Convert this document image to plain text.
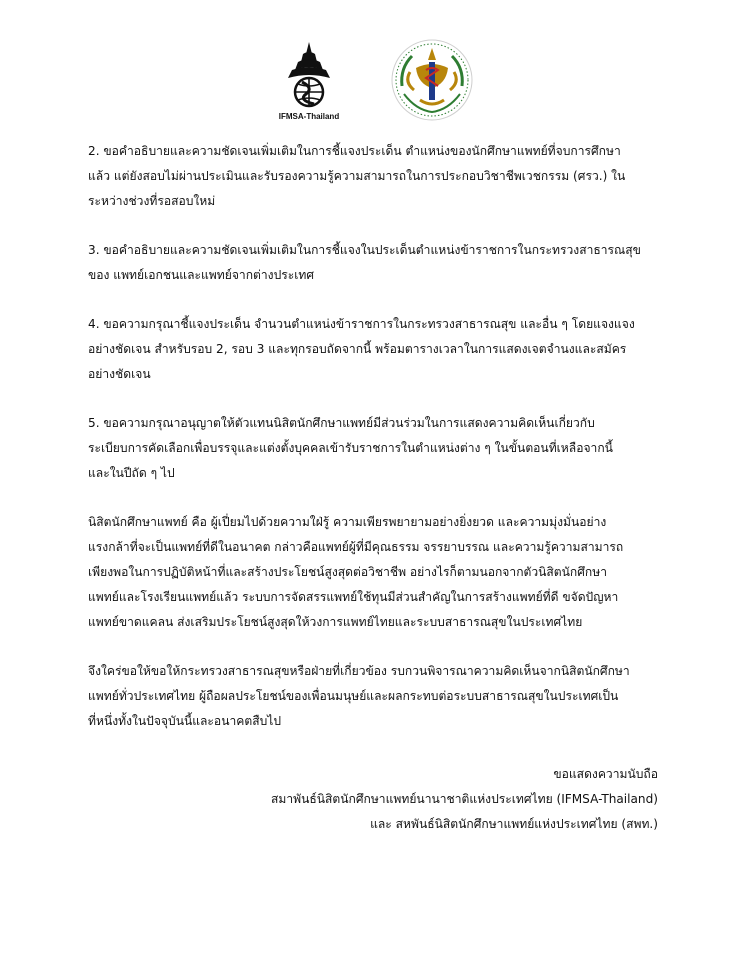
IFMSA-Thailand

2. ขอคำอธิบายและความชัดเจนเพิ่มเติมในการชี้แจงประเด็น ตำแหน่งของนักศึกษาแพทย์ที่จบการศึกษา
แล้ว แต่ยังสอบไม่ผ่านประเมินและรับรองความรู้ความสามารถในการประกอบวิชาชีพเวชกรรม (ศรว.) ใน
ระหว่างช่วงที่รอสอบใหม่

3. ขอคำอธิบายและความชัดเจนเพิ่มเติมในการชี้แจงในประเด็นตำแหน่งข้าราชการในกระทรวงสาธารณสุข
ของ แพทย์เอกชนและแพทย์จากต่างประเทศ

4. ขอความกรุณาชี้แจงประเด็น จำนวนตำแหน่งข้าราชการในกระทรวงสาธารณสุข และอื่น ๆ โดยแจงแจง
อย่างชัดเจน สำหรับรอบ 2, รอบ 3 และทุกรอบถัดจากนี้ พร้อมตารางเวลาในการแสดงเจตจำนงและสมัคร
อย่างชัดเจน

5. ขอความกรุณาอนุญาตให้ตัวแทนนิสิตนักศึกษาแพทย์มีส่วนร่วมในการแสดงความคิดเห็นเกี่ยวกับ
ระเบียบการคัดเลือกเพื่อบรรจุและแต่งตั้งบุคคลเข้ารับราชการในตำแหน่งต่าง ๆ ในขั้นตอนที่เหลือจากนี้
และในปีถัด ๆ ไป

นิสิตนักศึกษาแพทย์ คือ ผู้เปี่ยมไปด้วยความใฝ่รู้ ความเพียรพยายามอย่างยิ่งยวด และความมุ่งมั่นอย่าง
แรงกล้าที่จะเป็นแพทย์ที่ดีในอนาคต กล่าวคือแพทย์ผู้ที่มีคุณธรรม จรรยาบรรณ และความรู้ความสามารถ
เพียงพอในการปฏิบัติหน้าที่และสร้างประโยชน์สูงสุดต่อวิชาชีพ อย่างไรก็ตามนอกจากตัวนิสิตนักศึกษา
แพทย์และโรงเรียนแพทย์แล้ว ระบบการจัดสรรแพทย์ใช้ทุนมีส่วนสำคัญในการสร้างแพทย์ที่ดี ขจัดปัญหา
แพทย์ขาดแคลน ส่งเสริมประโยชน์สูงสุดให้วงการแพทย์ไทยและระบบสาธารณสุขในประเทศไทย

จึงใคร่ขอให้ขอให้กระทรวงสาธารณสุขหรือฝ่ายที่เกี่ยวข้อง รบกวนพิจารณาความคิดเห็นจากนิสิตนักศึกษา
แพทย์ทั่วประเทศไทย ผู้ถือผลประโยชน์ของเพื่อนมนุษย์และผลกระทบต่อระบบสาธารณสุขในประเทศเป็น
ที่หนึ่งทั้งในปัจจุบันนี้และอนาคตสืบไป

ขอแสดงความนับถือ
สมาพันธ์นิสิตนักศึกษาแพทย์นานาชาติแห่งประเทศไทย (IFMSA-Thailand)
และ สหพันธ์นิสิตนักศึกษาแพทย์แห่งประเทศไทย (สพท.)
